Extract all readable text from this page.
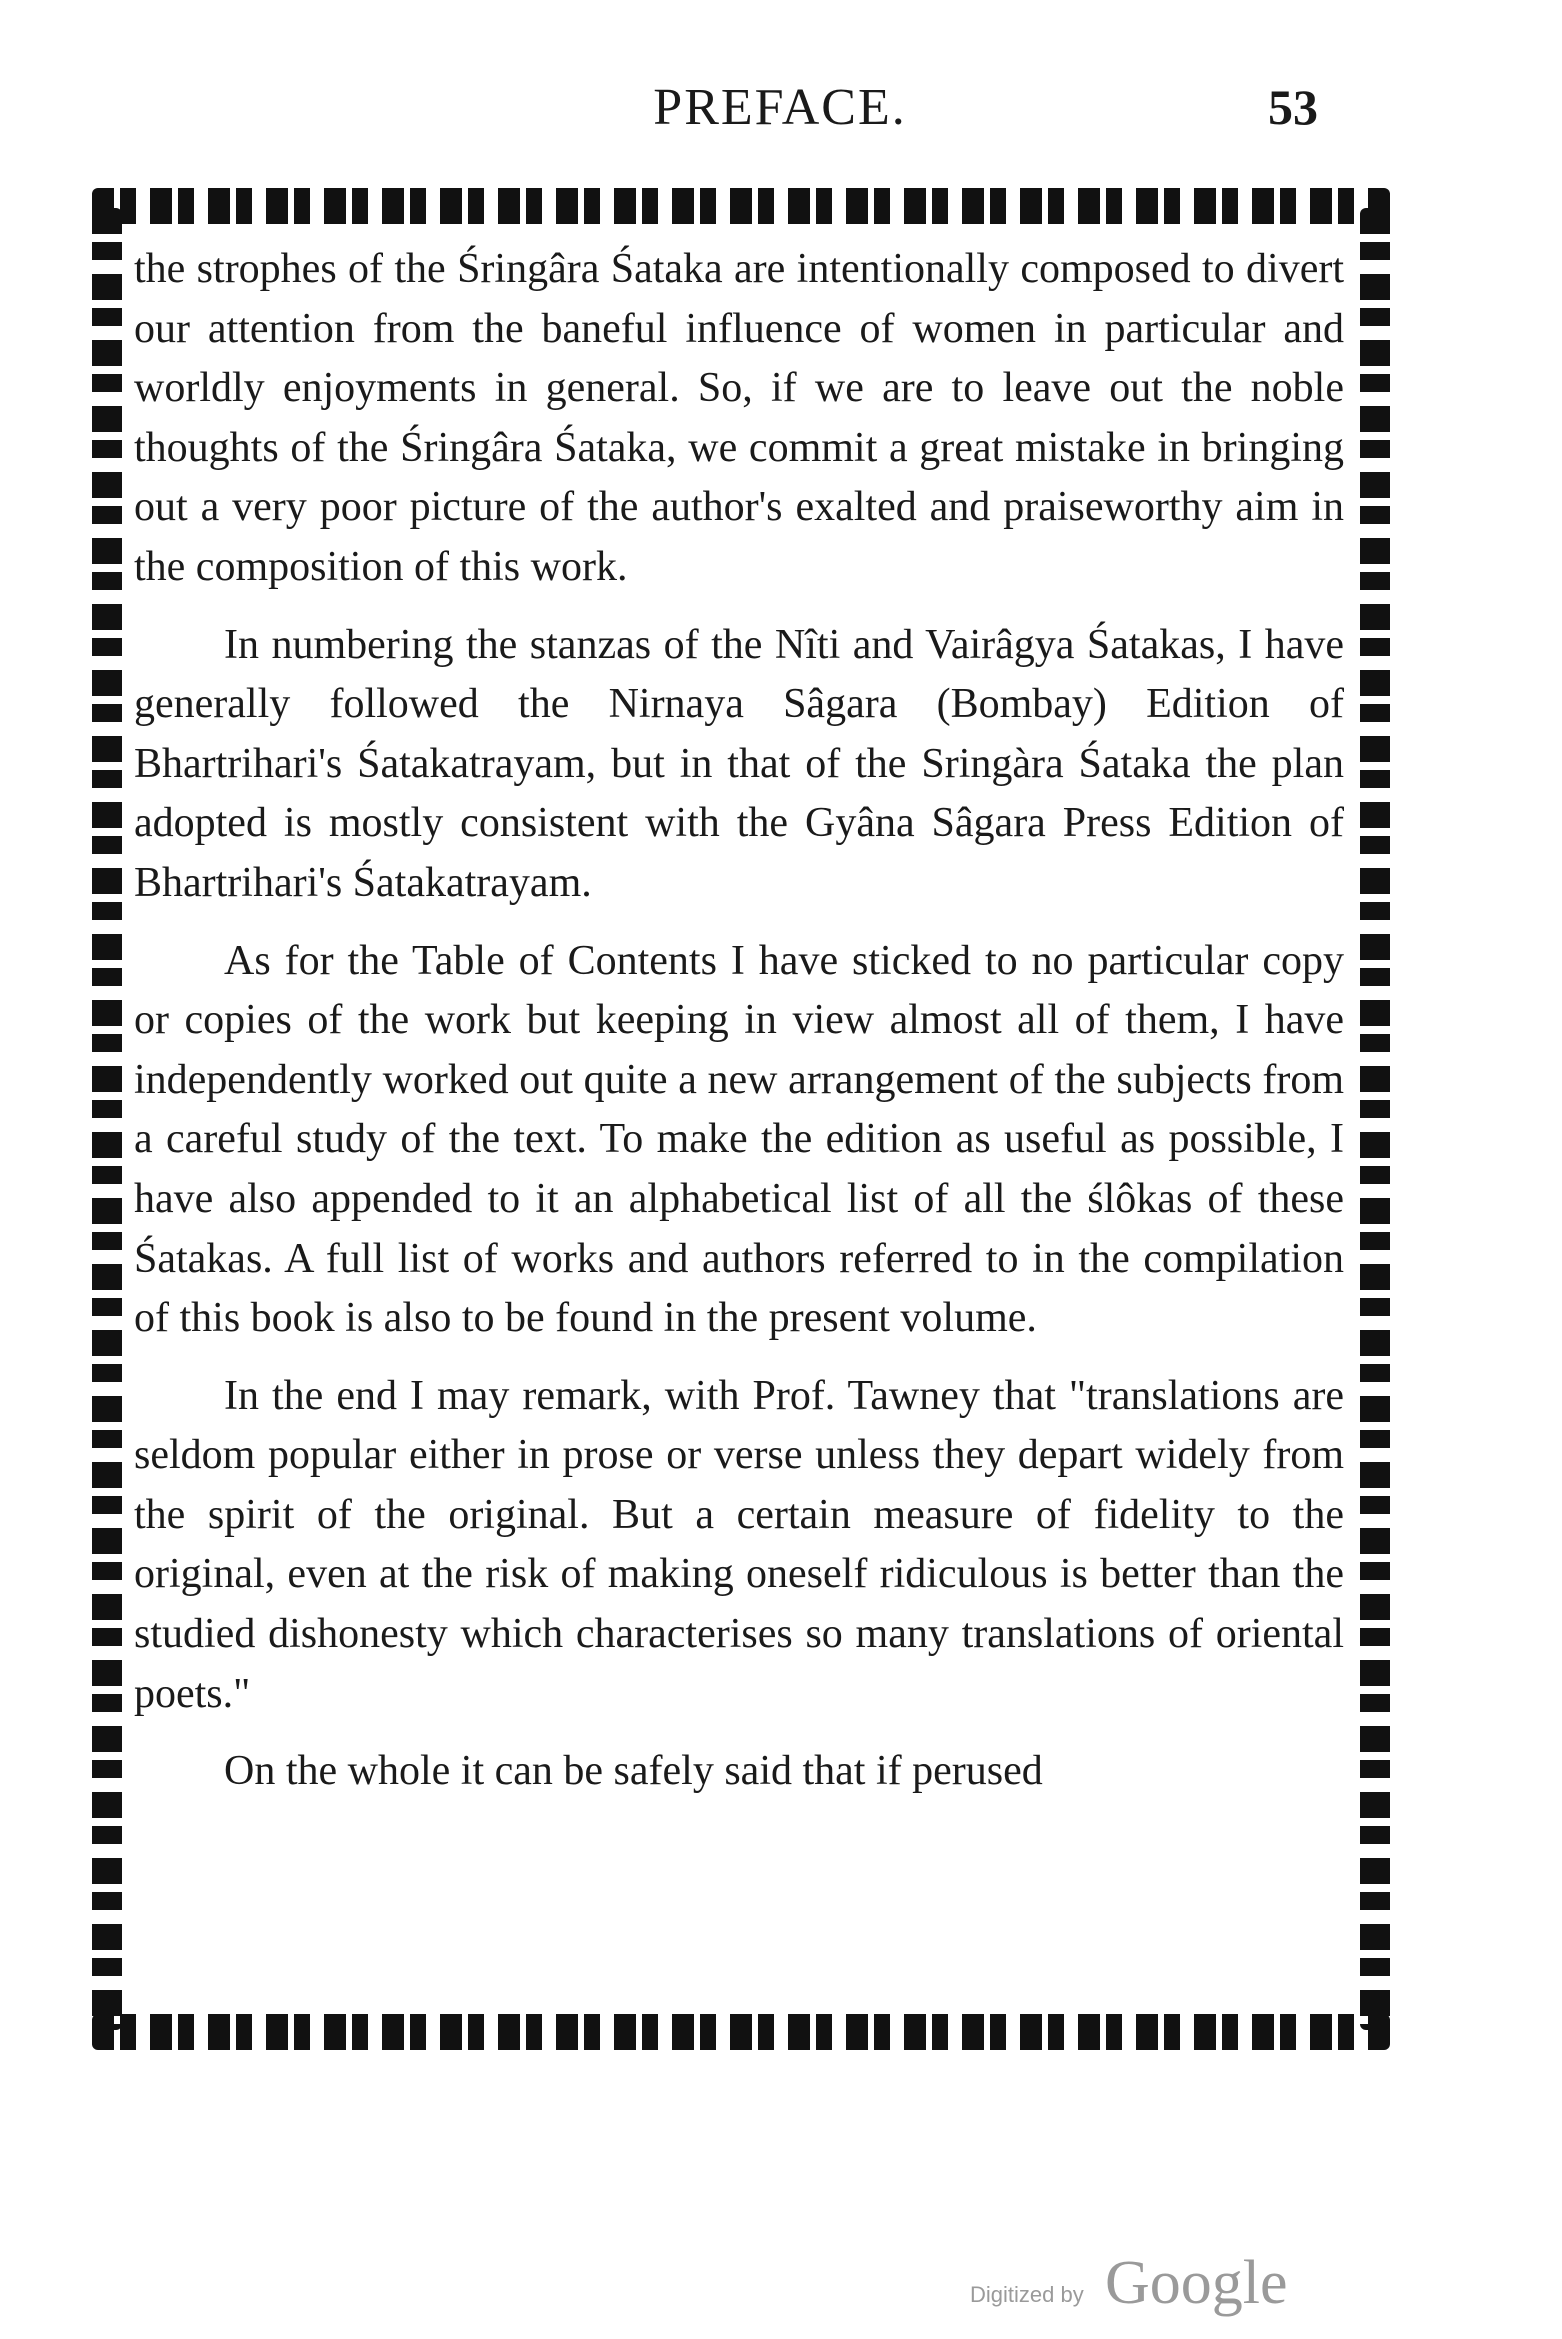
PREFACE.	53

the strophes of the Śringâra Śataka are intentionally composed to divert our attention from the baneful influence of women in particular and worldly enjoyments in general. So, if we are to leave out the noble thoughts of the Śringâra Śataka, we commit a great mistake in bringing out a very poor picture of the author's exalted and praiseworthy aim in the composition of this work.

In numbering the stanzas of the Nîti and Vairâgya Śatakas, I have generally followed the Nirnaya Sâgara (Bombay) Edition of Bhartrihari's Śatakatrayam, but in that of the Sringàra Śataka the plan adopted is mostly consistent with the Gyâna Sâgara Press Edition of Bhartrihari's Śatakatrayam.

As for the Table of Contents I have sticked to no particular copy or copies of the work but keeping in view almost all of them, I have independently worked out quite a new arrangement of the subjects from a careful study of the text. To make the edition as useful as possible, I have also appended to it an alphabetical list of all the ślôkas of these Śatakas. A full list of works and authors referred to in the compilation of this book is also to be found in the present volume.

In the end I may remark, with Prof. Tawney that "translations are seldom popular either in prose or verse unless they depart widely from the spirit of the original. But a certain measure of fidelity to the original, even at the risk of making oneself ridiculous is better than the studied dishonesty which characterises so many translations of oriental poets."

On the whole it can be safely said that if perused

Digitized by Google
